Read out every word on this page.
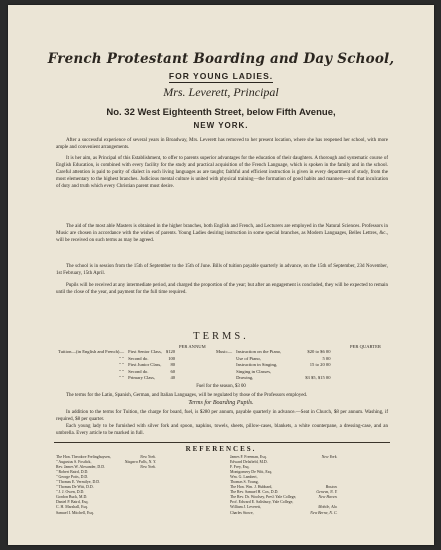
French Protestant Boarding and Day School,
FOR YOUNG LADIES.
Mrs. Leverett, Principal
No. 32 West Eighteenth Street, below Fifth Avenue,
NEW YORK.

After a successful experience of several years in Broadway, Mrs. Leverett has removed to her present location, where she has reopened her school, with more ample and convenient arrangements.

It is her aim, as Principal of this Establishment, to offer to parents superior advantages for the education of their daughters. A thorough and systematic course of English Education, is combined with every facility for the study and practical acquisition of the French Language, which is spoken in the family and in the school. Careful attention is paid to purity of dialect in each living languages as are taught; faithful and efficient instruction is given in every department of study, from the most elementary to the highest branches. Judicious mental culture is united with physical training—the formation of good habits and manners—and that inculcation of duty and truth which every Christian parent must desire.

The aid of the most able Masters is obtained in the higher branches, both English and French, and Lecturers are employed in the Natural Sciences. Professors in Music are chosen in accordance with the wishes of parents. Young Ladies desiring instruction in some special branches, as Modern Languages, Belles Lettres, &c., will be received on such terms as may be agreed.

The school is in session from the 15th of September to the 15th of June. Bills of tuition payable quarterly in advance, on the 15th of September, 23d November, 1st February, 15th April.

Pupils will be received at any intermediate period, and charged the proportion of the year; but after an engagement is concluded, they will be expected to remain until the close of the year, and payment for the full time required.

TERMS.
PER ANNUM	PER QUARTER
Tuition—(in English and French)—	First Senior Class,	$120
" "	Second do.	100
" "	First Junior Class,	80
" "	Second do.	60
" "	Primary Class,	40
Music—	Instruction on the Piano,	$20 to $6 00
	Use of Piano,	5 00
	Instruction in Singing,	15 to 20 00
	Singing in Classes,	
	Drawing,	$3 $5, $15 00
Fuel for the season, $3 00

The terms for the Latin, Spanish, German, and Italian Languages, will be regulated by those of the Professors employed.

Terms for Boarding Pupils.

In addition to the terms for Tuition, the charge for board, fuel, is $280 per annum, payable quarterly in advance.—Seat in Church, $8 per annum. Washing, if required, $8 per quarter.

Each young lady to be furnished with silver fork and spoon, napkins, towels, sheets, pillow-cases, blankets, a white counterpane, a dressing-case, and an umbrella. Every article to be marked in full.

REFERENCES.
The Hon. Theodore Frelinghuysen,	New York.
" Augustus S. Fosdick,	Niagara Falls, N. Y.
Rev. James W. Alexander, D.D.	New York.
" Robert Baird, D.D.	
" George Potts, D.D.	
" Thomas E. Vermilye, D.D.	
" Thomas De Witt, D.D.	
" J. J. Owen, D.D.	
Gordon Buck, M.D.	
Daniel P. Baird, Esq.	
C. H. Marshall, Esq.	
Samuel I. Mitchell, Esq.	
James F. Freeman, Esq.	New York.
Edward Delafield, M.D.	
F. Frey, Esq.	
Montgomery De Witt, Esq.	
Wm. G. Lambert,	
Thomas S. Young,	
The Hon. Wm. J. Hubbard,	Boston.
The Rev. Samuel H. Cox, D.D.	Geneva, N. Y.
The Rev. Dr. Woolsey, Pres't Yale College,	New Haven.
Prof. Edward E. Salisbury, Yale College,	
William J. Leverett,	Mobile, Ala.
Charles Stowe,	New Berne, N. C.
